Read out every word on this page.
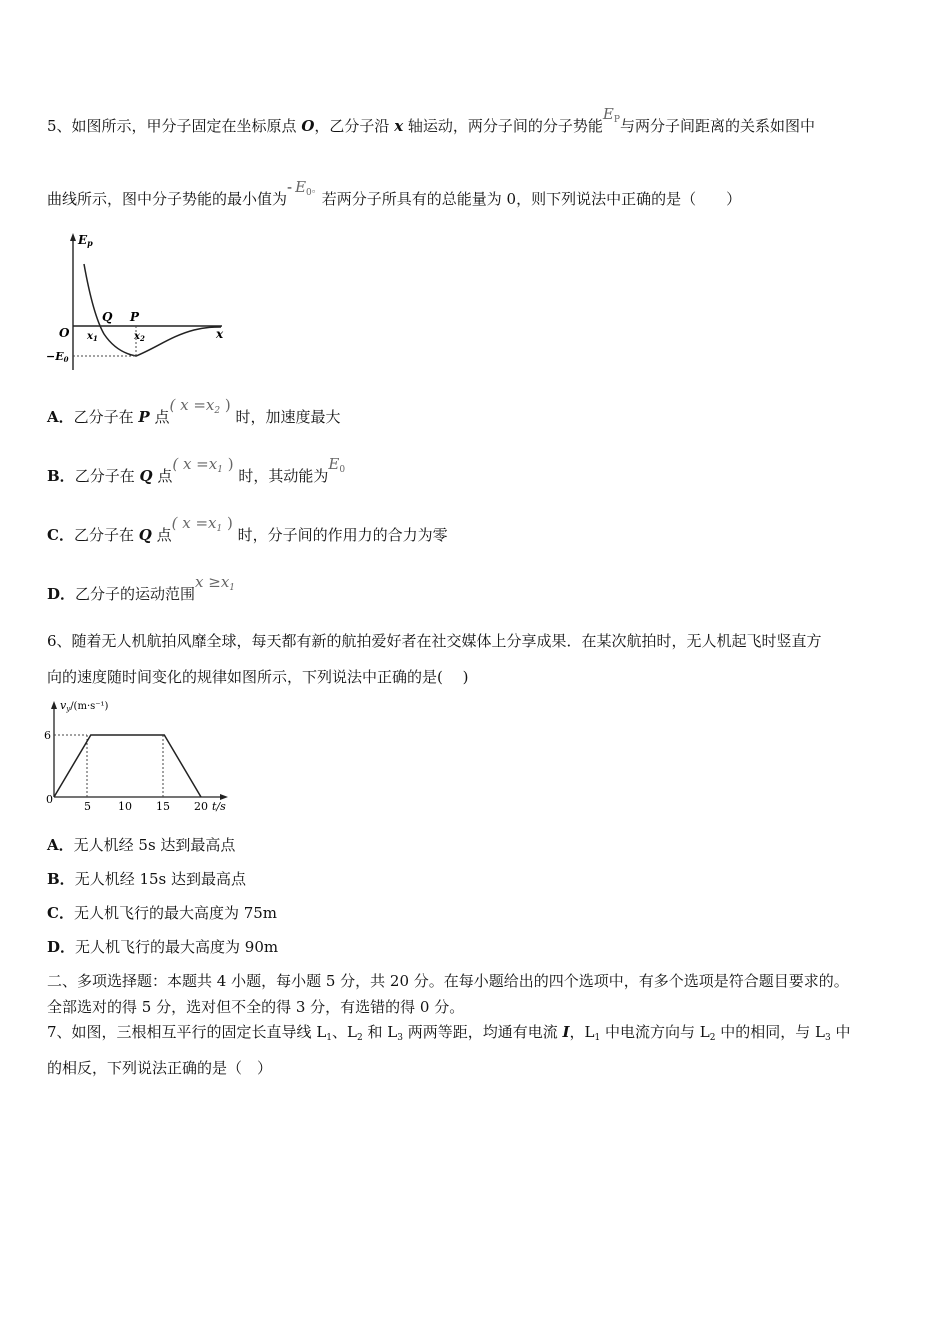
5、如图所示，甲分子固定在坐标原点 O，乙分子沿 x 轴运动，两分子间的分子势能$E_P$与两分子间距离的关系如图中
曲线所示，图中分子势能的最小值为- $E_0$。若两分子所具有的总能量为 0，则下列说法中正确的是（　　）
Ep
O	x
Q P
$x_1$	$x_2$
−E0
A．乙分子在 P 点( $x =x_2$ ) 时，加速度最大
B．乙分子在 Q 点( $x =x_1$ ) 时，其动能为$E_0$
C．乙分子在 Q 点( $x =x_1$ ) 时，分子间的作用力的合力为零
D．乙分子的运动范围$x \ge x_1$
6、随着无人机航拍风靡全球，每天都有新的航拍爱好者在社交媒体上分享成果．在某次航拍时，无人机起飞时竖直方
向的速度随时间变化的规律如图所示，下列说法中正确的是(　 )
vy/(m·s⁻¹)
6
0
5 10 15 20 t/s
A．无人机经 5s 达到最高点
B．无人机经 15s 达到最高点
C．无人机飞行的最大高度为 75m
D．无人机飞行的最大高度为 90m
二、多项选择题：本题共 4 小题，每小题 5 分，共 20 分。在每小题给出的四个选项中，有多个选项是符合题目要求的。
全部选对的得 5 分，选对但不全的得 3 分，有选错的得 0 分。
7、如图，三根相互平行的固定长直导线 $L_1$、$L_2$ 和 $L_3$ 两两等距，均通有电流 I，$L_1$ 中电流方向与 $L_2$ 中的相同，与 $L_3$ 中
的相反，下列说法正确的是（　）
